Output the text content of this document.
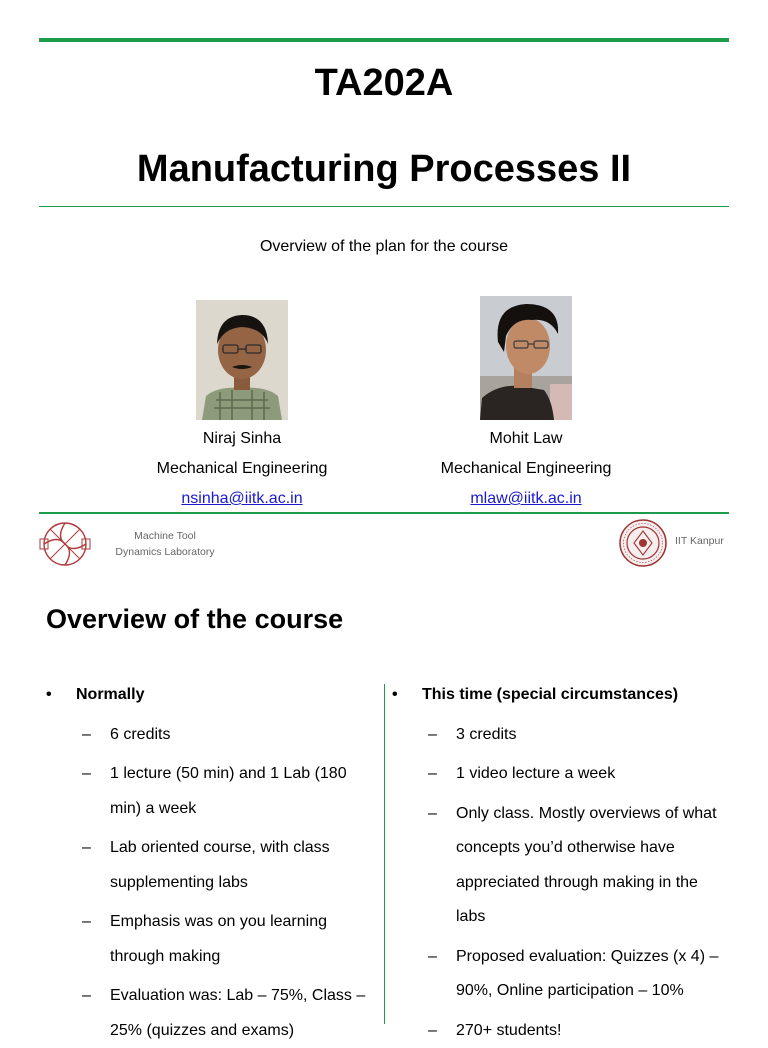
TA202A
Manufacturing Processes II
Overview of the plan for the course
Niraj Sinha
Mechanical Engineering
nsinha@iitk.ac.in
Mohit Law
Mechanical Engineering
mlaw@iitk.ac.in
Machine Tool
Dynamics Laboratory
IIT Kanpur
Overview of the course
• Normally
– 6 credits
– 1 lecture (50 min) and 1 Lab (180 min) a week
– Lab oriented course, with class supplementing labs
– Emphasis was on you learning through making
– Evaluation was: Lab – 75%, Class – 25% (quizzes and exams)
• This time (special circumstances)
– 3 credits
– 1 video lecture a week
– Only class. Mostly overviews of what concepts you’d otherwise have appreciated through making in the labs
– Proposed evaluation: Quizzes (x 4) – 90%, Online participation – 10%
– 270+ students!
